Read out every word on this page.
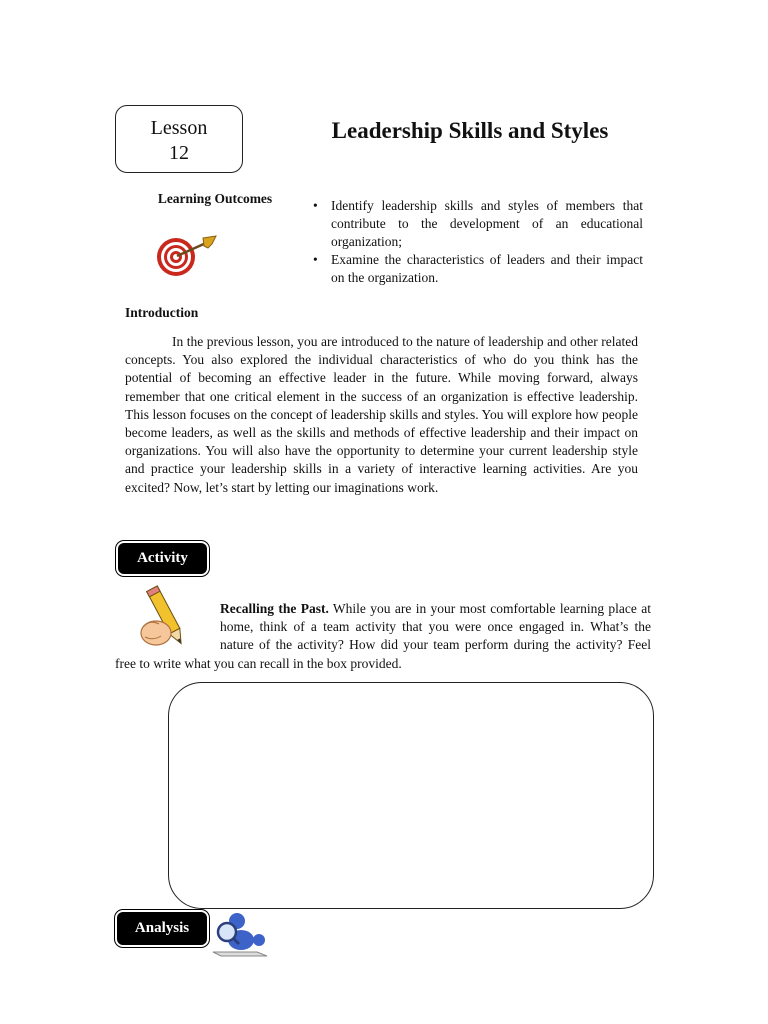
Lesson
12
Leadership Skills and Styles
Learning Outcomes
•	Identify leadership skills and styles of members that contribute to the development of an educational organization;
• Examine the characteristics of leaders and their impact on the organization.
Introduction

In the previous lesson, you are introduced to the nature of leadership and other related concepts. You also explored the individual characteristics of who do you think has the potential of becoming an effective leader in the future. While moving forward, always remember that one critical element in the success of an organization is effective leadership. This lesson focuses on the concept of leadership skills and styles. You will explore how people become leaders, as well as the skills and methods of effective leadership and their impact on organizations. You will also have the opportunity to determine your current leadership style and practice your leadership skills in a variety of interactive learning activities. Are you excited? Now, let’s start by letting our imaginations work.

Activity

Recalling the Past. While you are in your most comfortable learning place at home, think of a team activity that you were once engaged in. What’s the nature of the activity? How did your team perform during the activity? Feel free to write what you can recall in the box provided.

Analysis
